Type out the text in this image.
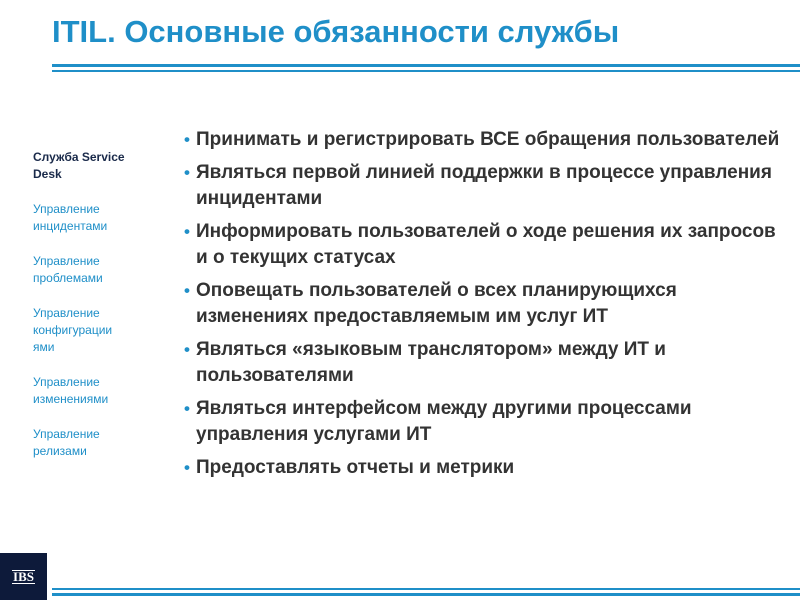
ITIL. Основные обязанности службы
Служба Service Desk
Управление инцидентами
Управление проблемами
Управление конфигурации ями
Управление изменениями
Управление релизами
• Принимать и регистрировать ВСЕ обращения пользователей
• Являться первой линией поддержки в процессе управления инцидентами
• Информировать пользователей о ходе решения их запросов и о текущих статусах
• Оповещать пользователей о всех планирующихся изменениях предоставляемым им услуг ИТ
• Являться «языковым транслятором» между ИТ и пользователями
• Являться интерфейсом между другими процессами управления услугами ИТ
• Предоставлять отчеты и метрики
IBS
